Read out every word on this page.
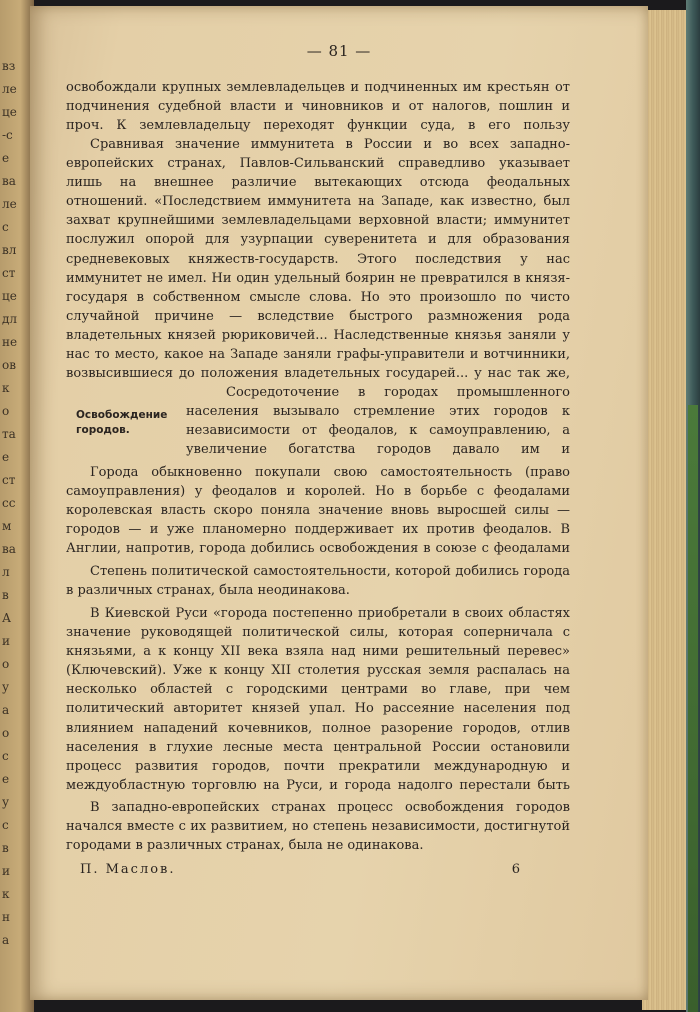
вз
ле
це
-с
е
ва
ле
с
вл
ст
це
дл
не
ов
к
о
та
е
ст
сс
м
ва
л
в
А
и
о
у
а
о
с
е
у
с
в
и
к
н
а
— 81 —
Освобождение городов.

освобождали крупных землевладельцев и подчиненных им крестьян от подчинения судебной власти и чиновников и от налогов, пошлин и проч. К землевладельцу переходят функции суда, в его пользу

Сравнивая значение иммунитета в России и во всех западно-европейских странах, Павлов-Сильванский справедливо указывает лишь на внешнее различие вытекающих отсюда феодальных отношений. «Последствием иммунитета на Западе, как известно, был захват крупнейшими землевладельцами верховной власти; иммунитет послужил опорой для узурпации суверенитета и для образования средневековых княжеств-государств. Этого последствия у нас иммунитет не имел. Ни один удельный боярин не превратился в князя-государя в собственном смысле слова. Но это произошло по чисто случайной причине — вследствие быстрого размножения рода владетельных князей рюриковичей... Наследственные князья заняли у нас то место, какое на Западе заняли графы-управители и вотчинники, возвысившиеся до положения владетельных государей... у нас так же,

Сосредоточение в городах промышленного населения вызывало стремление этих городов к независимости от феодалов, к самоуправлению, а увеличение богатства городов давало им и

Города обыкновенно покупали свою самостоятельность (право самоуправления) у феодалов и королей. Но в борьбе с феодалами королевская власть скоро поняла значение вновь выросшей силы — городов — и уже планомерно поддерживает их против феодалов. В Англии, напротив, города добились освобождения в союзе с феодалами

Степень политической самостоятельности, которой добились города в различных странах, была неодинакова.

В Киевской Руси «города постепенно приобретали в своих областях значение руководящей политической силы, которая соперничала с князьями, а к концу XII века взяла над ними решительный перевес» (Ключевский). Уже к концу XII столетия русская земля распалась на несколько областей с городскими центрами во главе, при чем политический авторитет князей упал. Но рассеяние населения под влиянием нападений кочевников, полное разорение городов, отлив населения в глухие лесные места центральной России остановили процесс развития городов, почти прекратили международную и междуобластную торговлю на Руси, и города надолго перестали быть

В западно-европейских странах процесс освобождения городов начался вместе с их развитием, но степень независимости, достигнутой городами в различных странах, была не одинакова.

П. Маслов.	6
